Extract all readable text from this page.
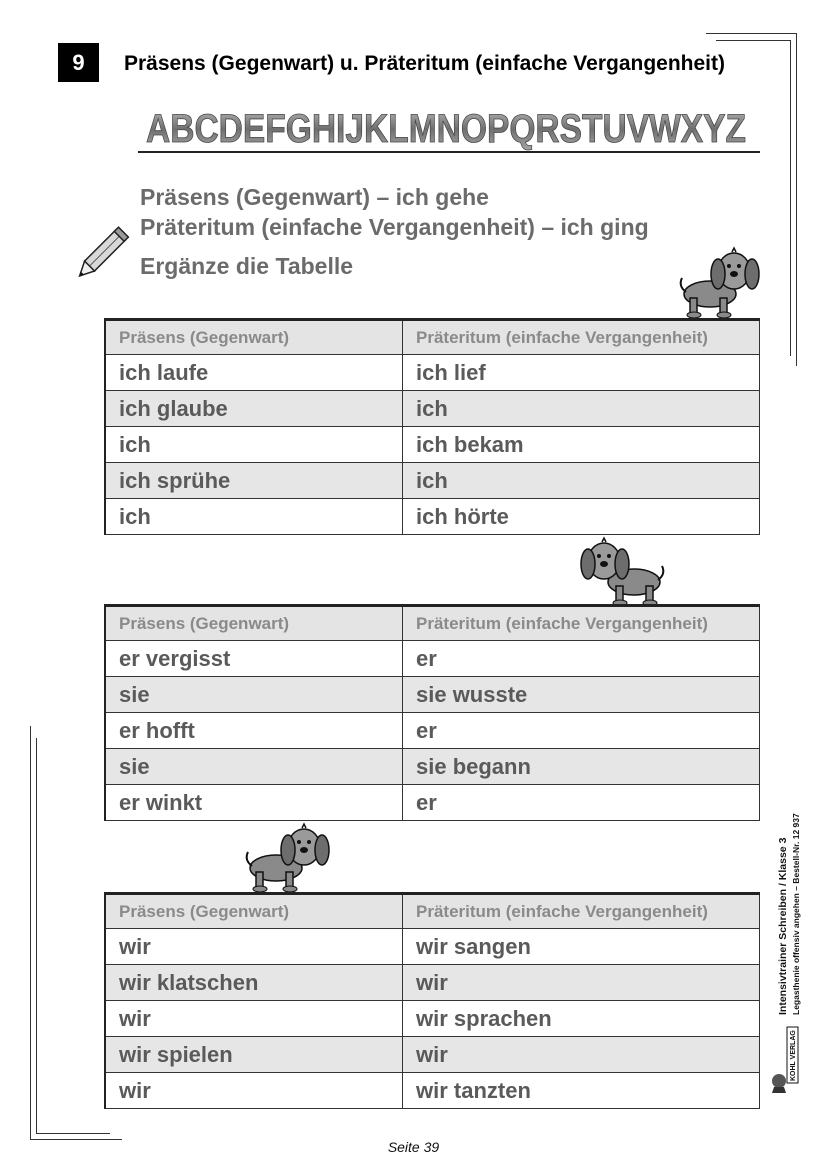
9	Präsens (Gegenwart) u. Präteritum (einfache Vergangenheit)
ABCDEFGHIJKLMNOPQRSTUVWXYZ
Präsens (Gegenwart) – ich gehe
Präteritum (einfache Vergangenheit) – ich ging
Ergänze die Tabelle
Präsens (Gegenwart)	Präteritum (einfache Vergangenheit)
ich laufe	ich lief
ich glaube	ich
ich	ich bekam
ich sprühe	ich
ich	ich hörte
Präsens (Gegenwart)	Präteritum (einfache Vergangenheit)
er vergisst	er
sie	sie wusste
er hofft	er
sie	sie begann
er winkt	er
Präsens (Gegenwart)	Präteritum (einfache Vergangenheit)
wir	wir sangen
wir klatschen	wir
wir	wir sprachen
wir spielen	wir
wir	wir tanzten
Intensivtrainer Schreiben / Klasse 3 Legasthenie offensiv angehen – Bestell-Nr. 12 937
KOHL VERLAG
Seite 39
